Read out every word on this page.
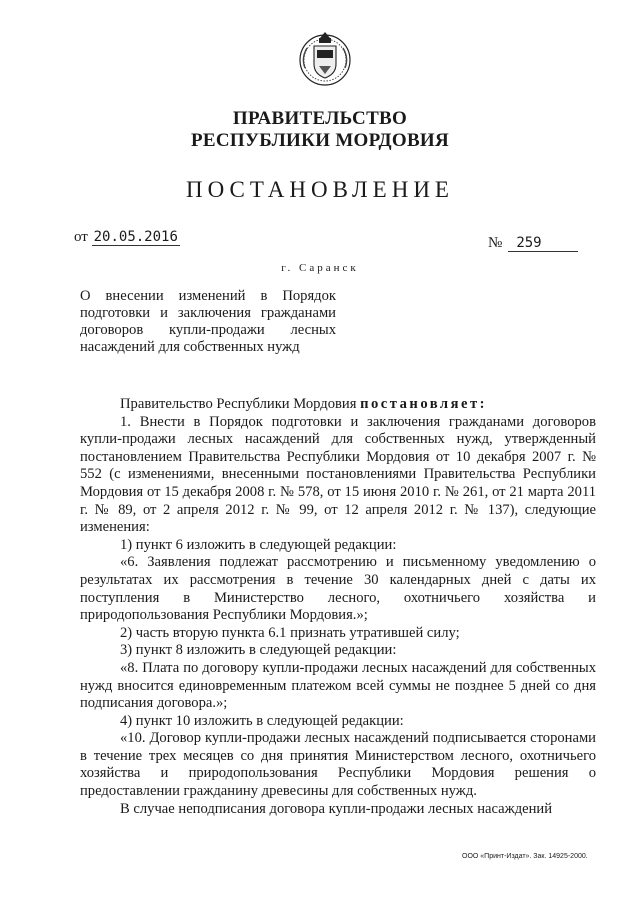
ПРАВИТЕЛЬСТВО
РЕСПУБЛИКИ МОРДОВИЯ
ПОСТАНОВЛЕНИЕ
от 20.05.2016	№ 259
г. Саранск
О внесении изменений в Порядок подготовки и заключения гражданами договоров купли-продажи лесных насаждений для собственных нужд

Правительство Республики Мордовия постановляет:

1. Внести в Порядок подготовки и заключения гражданами договоров купли-продажи лесных насаждений для собственных нужд, утвержденный постановлением Правительства Республики Мордовия от 10 декабря 2007 г. № 552 (с изменениями, внесенными постановлениями Правительства Республики Мордовия от 15 декабря 2008 г. № 578, от 15 июня 2010 г. № 261, от 21 марта 2011 г. № 89, от 2 апреля 2012 г. № 99, от 12 апреля 2012 г. № 137), следующие изменения:

1) пункт 6 изложить в следующей редакции:

«6. Заявления подлежат рассмотрению и письменному уведомлению о результатах их рассмотрения в течение 30 календарных дней с даты их поступления в Министерство лесного, охотничьего хозяйства и природопользования Республики Мордовия.»;

2) часть вторую пункта 6.1 признать утратившей силу;

3) пункт 8 изложить в следующей редакции:

«8. Плата по договору купли-продажи лесных насаждений для собственных нужд вносится единовременным платежом всей суммы не позднее 5 дней со дня подписания договора.»;

4) пункт 10 изложить в следующей редакции:

«10. Договор купли-продажи лесных насаждений подписывается сторонами в течение трех месяцев со дня принятия Министерством лесного, охотничьего хозяйства и природопользования Республики Мордовия решения о предоставлении гражданину древесины для собственных нужд.

В случае неподписания договора купли-продажи лесных насаждений

ООО «Принт-Издат». Зак. 14925-2000.
